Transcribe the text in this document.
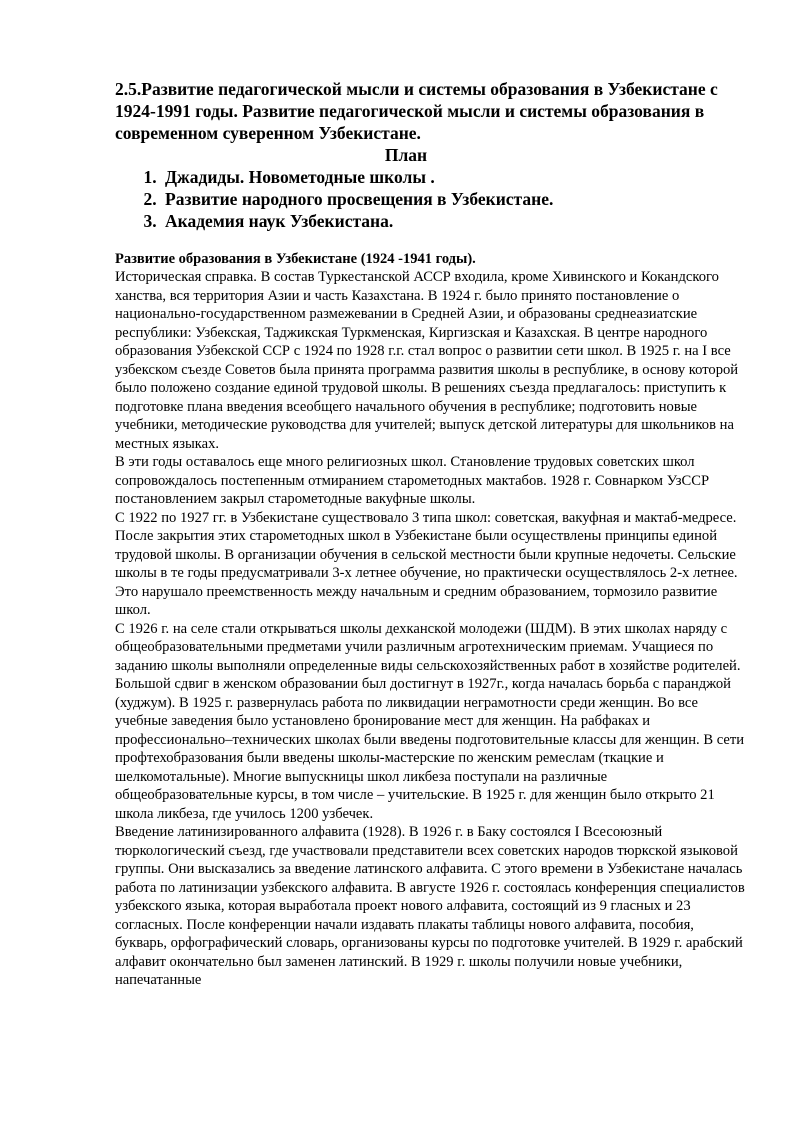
2.5.Развитие педагогической мысли и системы образования в Узбекистане с 1924-1991 годы. Развитие педагогической мысли и системы образования в современном суверенном Узбекистане.

План

1. Джадиды. Новометодные школы .
2. Развитие народного просвещения в Узбекистане.
3. Академия наук Узбекистана.

Развитие образования в Узбекистане (1924 -1941 годы).

Историческая справка. В состав Туркестанской АССР входила, кроме Хивинского и Кокандского ханства, вся территория Азии и часть Казахстана. В 1924 г. было принято постановление о национально-государственном размежевании в Средней Азии, и образованы среднеазиатские республики: Узбекская, Таджикская Туркменская, Киргизская и Казахская. В центре народного образования Узбекской ССР с 1924 по 1928 г.г. стал вопрос о развитии сети школ. В 1925 г. на I все узбекском съезде Советов была принята программа развития школы в республике, в основу которой было положено создание единой трудовой школы. В решениях съезда предлагалось: приступить к подготовке плана введения всеобщего начального обучения в республике; подготовить новые учебники, методические руководства для учителей; выпуск детской литературы для школьников на местных языках.

В эти годы оставалось еще много религиозных школ. Становление трудовых советских школ сопровождалось постепенным отмиранием старометодных мактабов. 1928 г. Совнарком УзССР постановлением закрыл старометодные вакуфные школы.

С 1922 по 1927 гг. в Узбекистане существовало 3 типа школ: советская, вакуфная и мактаб-медресе. После закрытия этих старометодных школ в Узбекистане были осуществлены принципы единой трудовой школы. В организации обучения в сельской местности были крупные недочеты. Сельские школы в те годы предусматривали 3-х летнее обучение, но практически осуществлялось 2-х летнее. Это нарушало преемственность между начальным и средним образованием, тормозило развитие школ.

С 1926 г. на селе стали открываться школы дехканской молодежи (ШДМ). В этих школах наряду с общеобразовательными предметами учили различным агротехническим приемам. Учащиеся по заданию школы выполняли определенные виды сельскохозяйственных работ в хозяйстве родителей.

Большой сдвиг в женском образовании был достигнут в 1927г., когда началась борьба с паранджой (худжум). В 1925 г. развернулась работа по ликвидации неграмотности среди женщин. Во все учебные заведения было установлено бронирование мест для женщин. На рабфаках и профессионально–технических школах были введены подготовительные классы для женщин. В сети профтехобразования были введены школы-мастерские по женским ремеслам (ткацкие и шелкомотальные). Многие выпускницы школ ликбеза поступали на различные общеобразовательные курсы, в том числе – учительские. В 1925 г. для женщин было открыто 21 школа ликбеза, где училось 1200 узбечек.

Введение латинизированного алфавита (1928). В 1926 г. в Баку состоялся I Всесоюзный тюркологический съезд, где участвовали представители всех советских народов тюркской языковой группы. Они высказались за введение латинского алфавита. С этого времени в Узбекистане началась работа по латинизации узбекского алфавита. В августе 1926 г. состоялась конференция специалистов узбекского языка, которая выработала проект нового алфавита, состоящий из 9 гласных и 23 согласных. После конференции начали издавать плакаты таблицы нового алфавита, пособия, букварь, орфографический словарь, организованы курсы по подготовке учителей. В 1929 г. арабский алфавит окончательно был заменен латинский. В 1929 г. школы получили новые учебники, напечатанные
